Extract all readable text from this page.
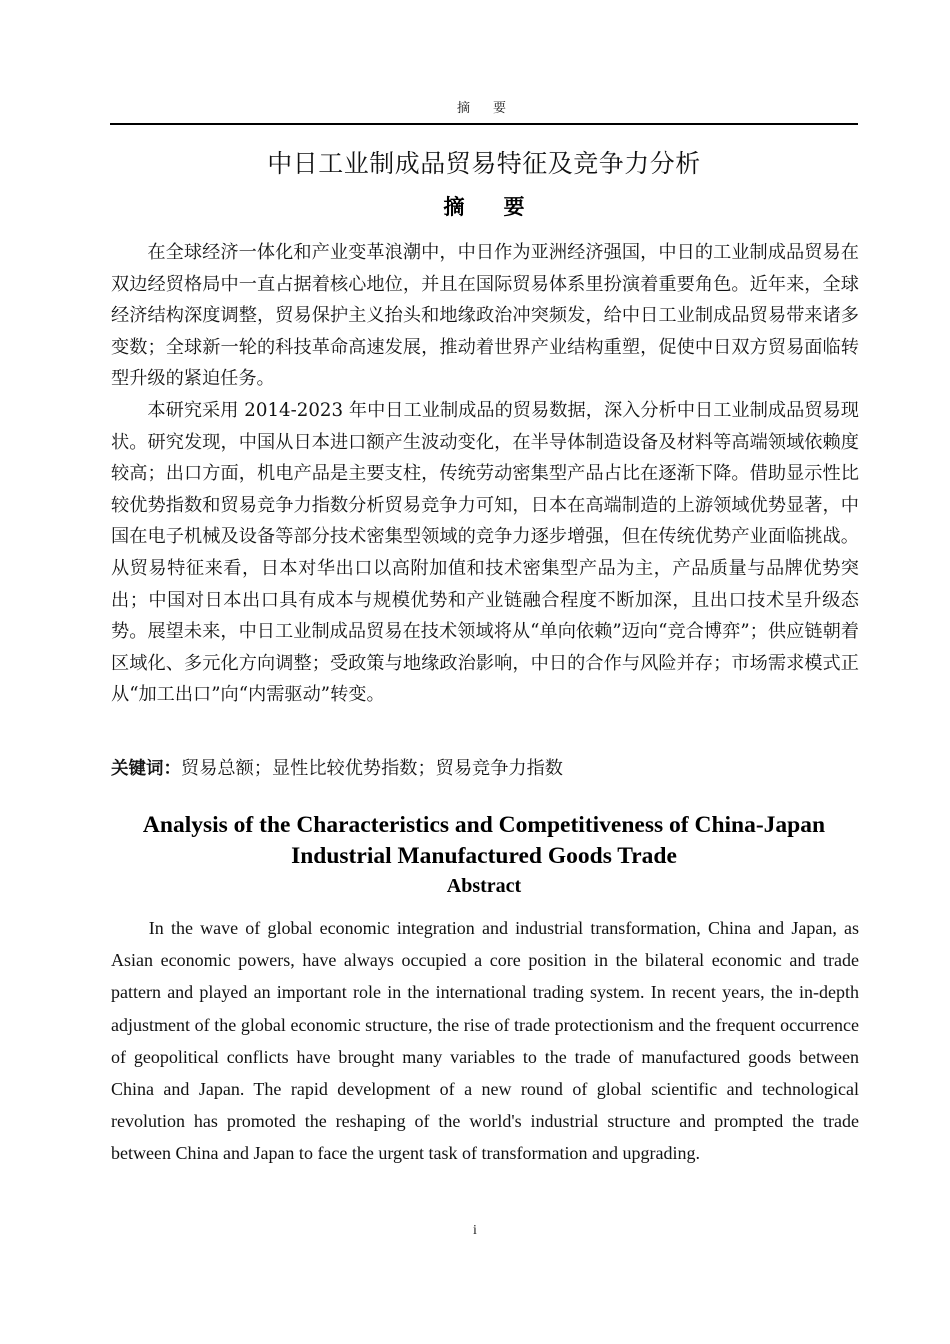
摘　要
中日工业制成品贸易特征及竞争力分析
摘　要

在全球经济一体化和产业变革浪潮中，中日作为亚洲经济强国，中日的工业制成品贸易在双边经贸格局中一直占据着核心地位，并且在国际贸易体系里扮演着重要角色。近年来，全球经济结构深度调整，贸易保护主义抬头和地缘政治冲突频发，给中日工业制成品贸易带来诸多变数；全球新一轮的科技革命高速发展，推动着世界产业结构重塑，促使中日双方贸易面临转型升级的紧迫任务。

本研究采用 2014-2023 年中日工业制成品的贸易数据，深入分析中日工业制成品贸易现状。研究发现，中国从日本进口额产生波动变化，在半导体制造设备及材料等高端领域依赖度较高；出口方面，机电产品是主要支柱，传统劳动密集型产品占比在逐渐下降。借助显示性比较优势指数和贸易竞争力指数分析贸易竞争力可知，日本在高端制造的上游领域优势显著，中国在电子机械及设备等部分技术密集型领域的竞争力逐步增强，但在传统优势产业面临挑战。从贸易特征来看，日本对华出口以高附加值和技术密集型产品为主，产品质量与品牌优势突出；中国对日本出口具有成本与规模优势和产业链融合程度不断加深，且出口技术呈升级态势。展望未来，中日工业制成品贸易在技术领域将从“单向依赖”迈向“竞合博弈”；供应链朝着区域化、多元化方向调整；受政策与地缘政治影响，中日的合作与风险并存；市场需求模式正从“加工出口”向“内需驱动”转变。

关键词：贸易总额；显性比较优势指数；贸易竞争力指数
Analysis of the Characteristics and Competitiveness of China-Japan
Industrial Manufactured Goods Trade
Abstract

In the wave of global economic integration and industrial transformation, China and Japan, as Asian economic powers, have always occupied a core position in the bilateral economic and trade pattern and played an important role in the international trading system. In recent years, the in-depth adjustment of the global economic structure, the rise of trade protectionism and the frequent occurrence of geopolitical conflicts have brought many variables to the trade of manufactured goods between China and Japan. The rapid development of a new round of global scientific and technological revolution has promoted the reshaping of the world's industrial structure and prompted the trade between China and Japan to face the urgent task of transformation and upgrading.

i
